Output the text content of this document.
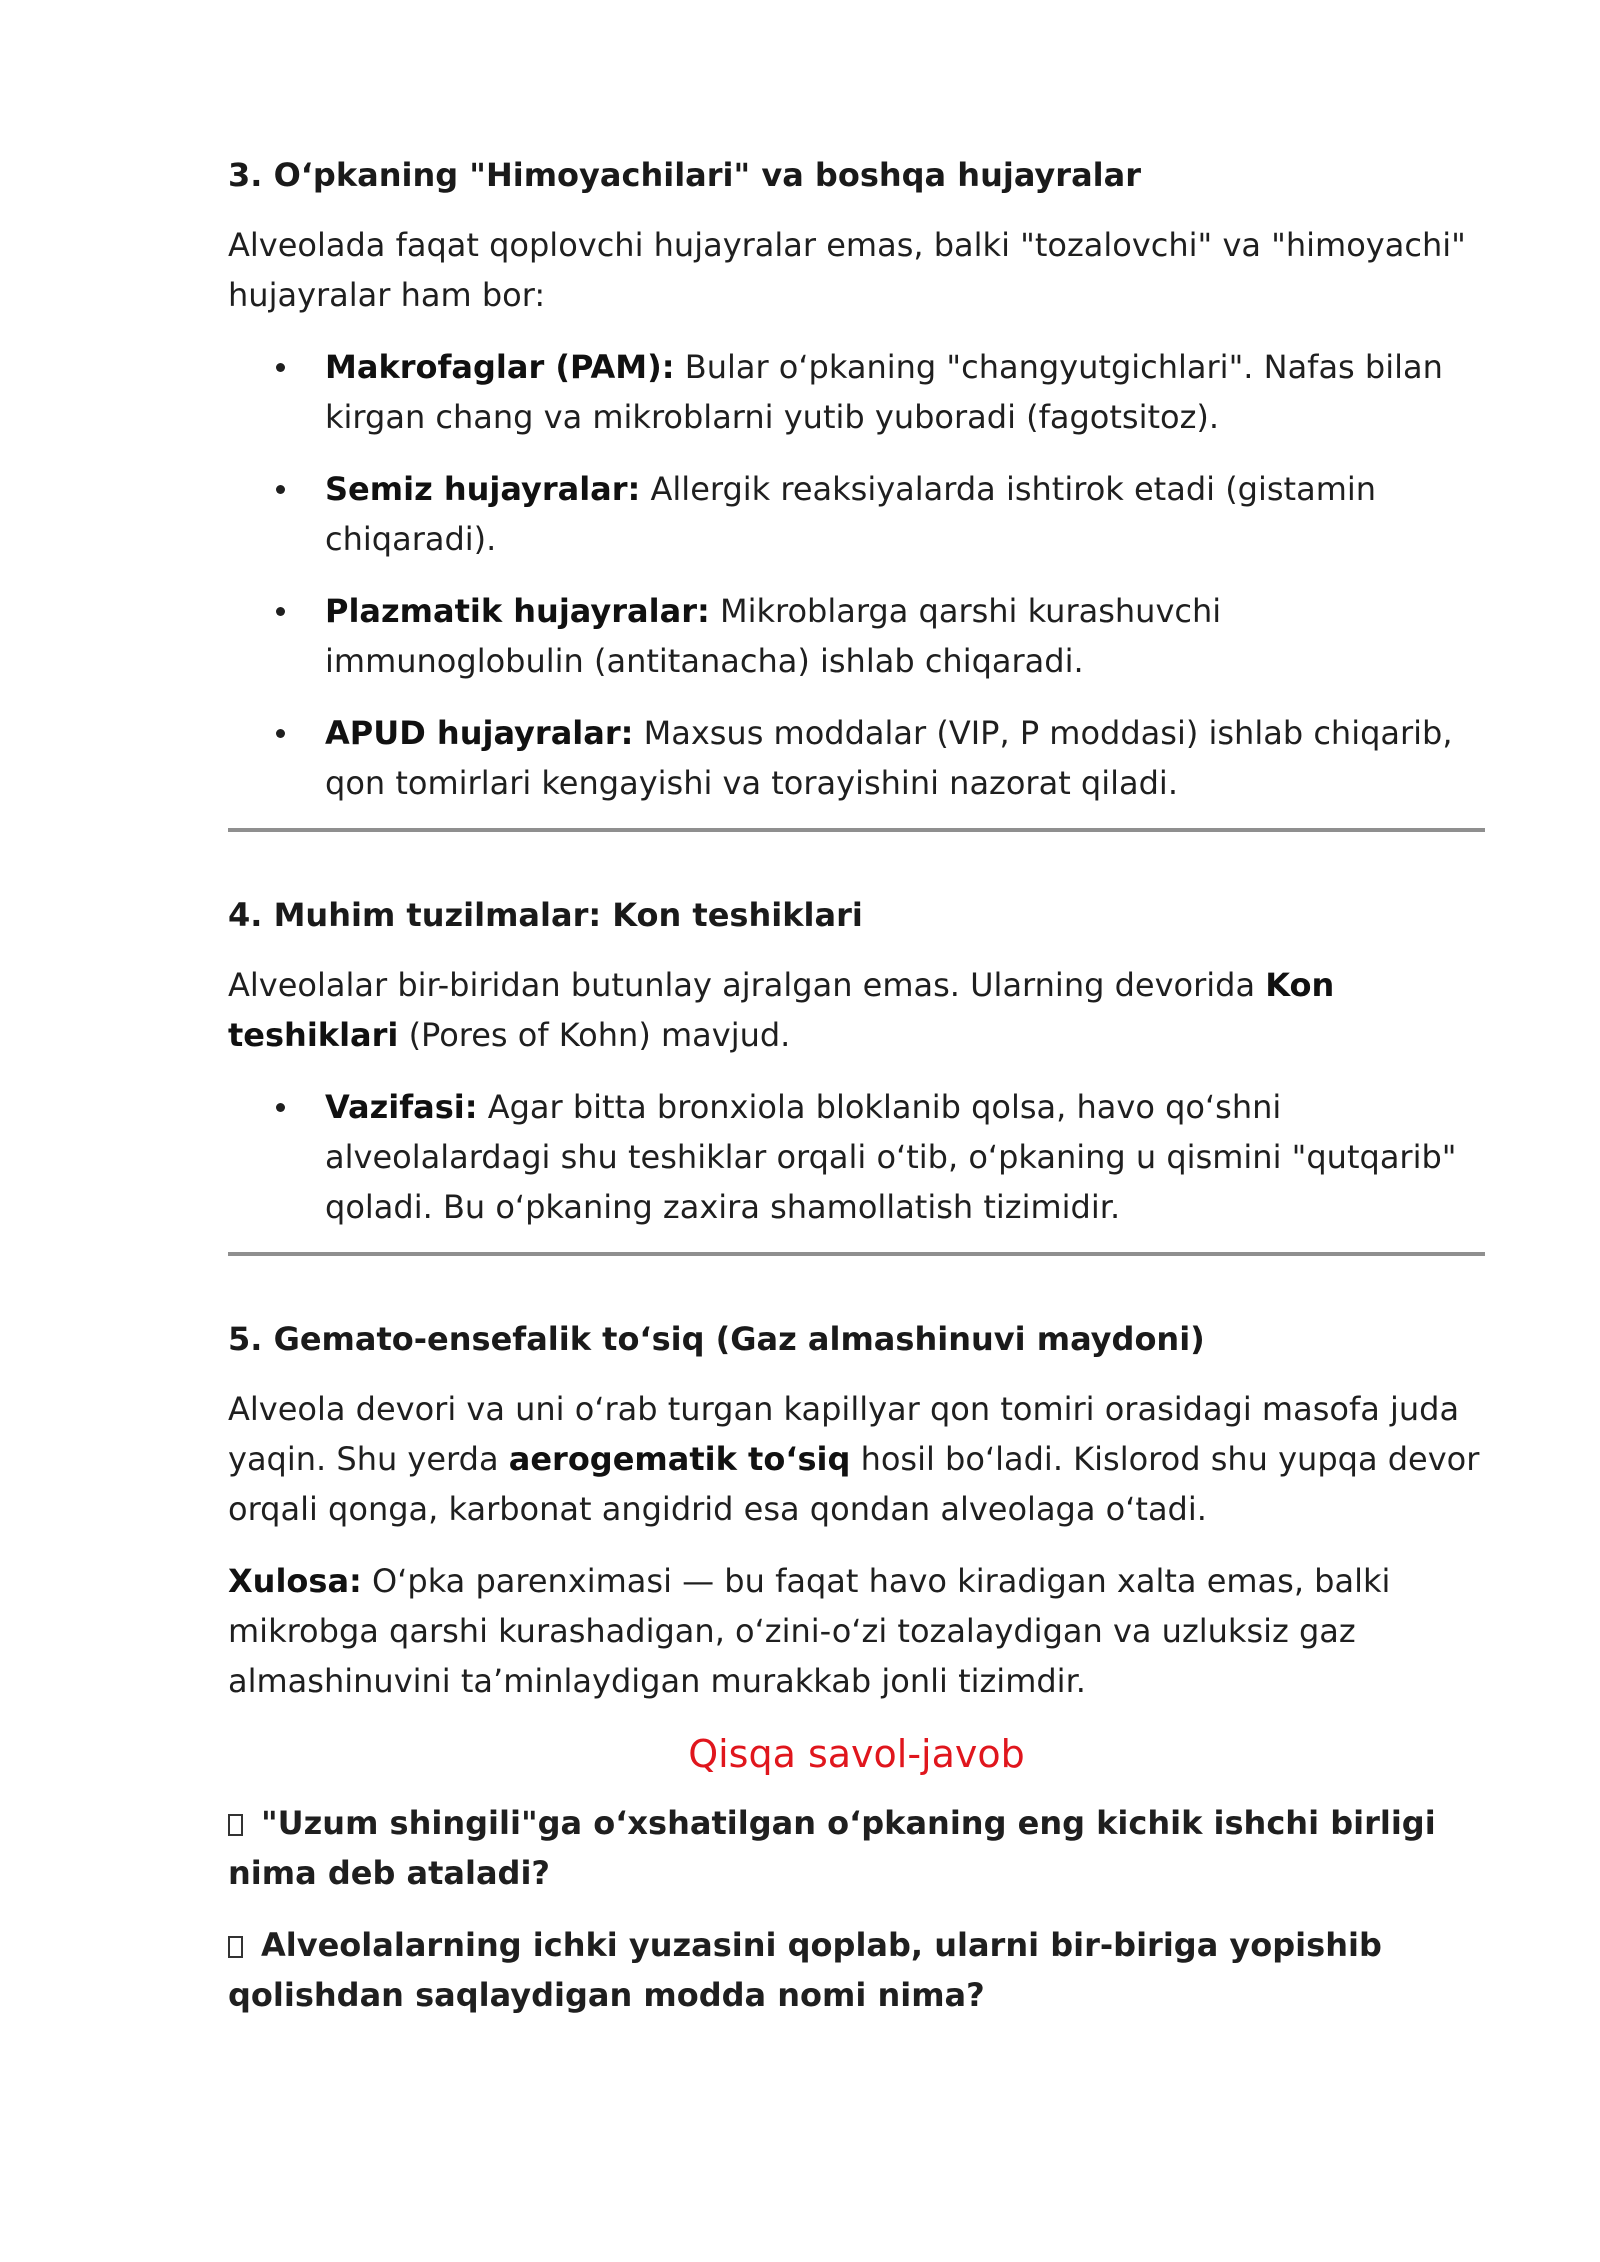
3. O‘pkaning "Himoyachilari" va boshqa hujayralar

Alveolada faqat qoplovchi hujayralar emas, balki "tozalovchi" va "himoyachi" hujayralar ham bor:

Makrofaglar (PAM): Bular o‘pkaning "changyutgichlari". Nafas bilan kirgan chang va mikroblarni yutib yuboradi (fagotsitoz).
Semiz hujayralar: Allergik reaksiyalarda ishtirok etadi (gistamin chiqaradi).
Plazmatik hujayralar: Mikroblarga qarshi kurashuvchi immunoglobulin (antitanacha) ishlab chiqaradi.
APUD hujayralar: Maxsus moddalar (VIP, P moddasi) ishlab chiqarib, qon tomirlari kengayishi va torayishini nazorat qiladi.
4. Muhim tuzilmalar: Kon teshiklari

Alveolalar bir-biridan butunlay ajralgan emas. Ularning devorida Kon teshiklari (Pores of Kohn) mavjud.

Vazifasi: Agar bitta bronxiola bloklanib qolsa, havo qo‘shni alveolalardagi shu teshiklar orqali o‘tib, o‘pkaning u qismini "qutqarib" qoladi. Bu o‘pkaning zaxira shamollatish tizimidir.
5. Gemato-ensefalik to‘siq (Gaz almashinuvi maydoni)

Alveola devori va uni o‘rab turgan kapillyar qon tomiri orasidagi masofa juda yaqin. Shu yerda aerogematik to‘siq hosil bo‘ladi. Kislorod shu yupqa devor orqali qonga, karbonat angidrid esa qondan alveolaga o‘tadi.

Xulosa: O‘pka parenximasi — bu faqat havo kiradigan xalta emas, balki mikrobga qarshi kurashadigan, o‘zini-o‘zi tozalaydigan va uzluksiz gaz almashinuvini ta’minlaydigan murakkab jonli tizimdir.

Qisqa savol-javob
"Uzum shingili"ga o‘xshatilgan o‘pkaning eng kichik ishchi birligi nima deb ataladi?
Alveolalarning ichki yuzasini qoplab, ularni bir-biriga yopishib qolishdan saqlaydigan modda nomi nima?
